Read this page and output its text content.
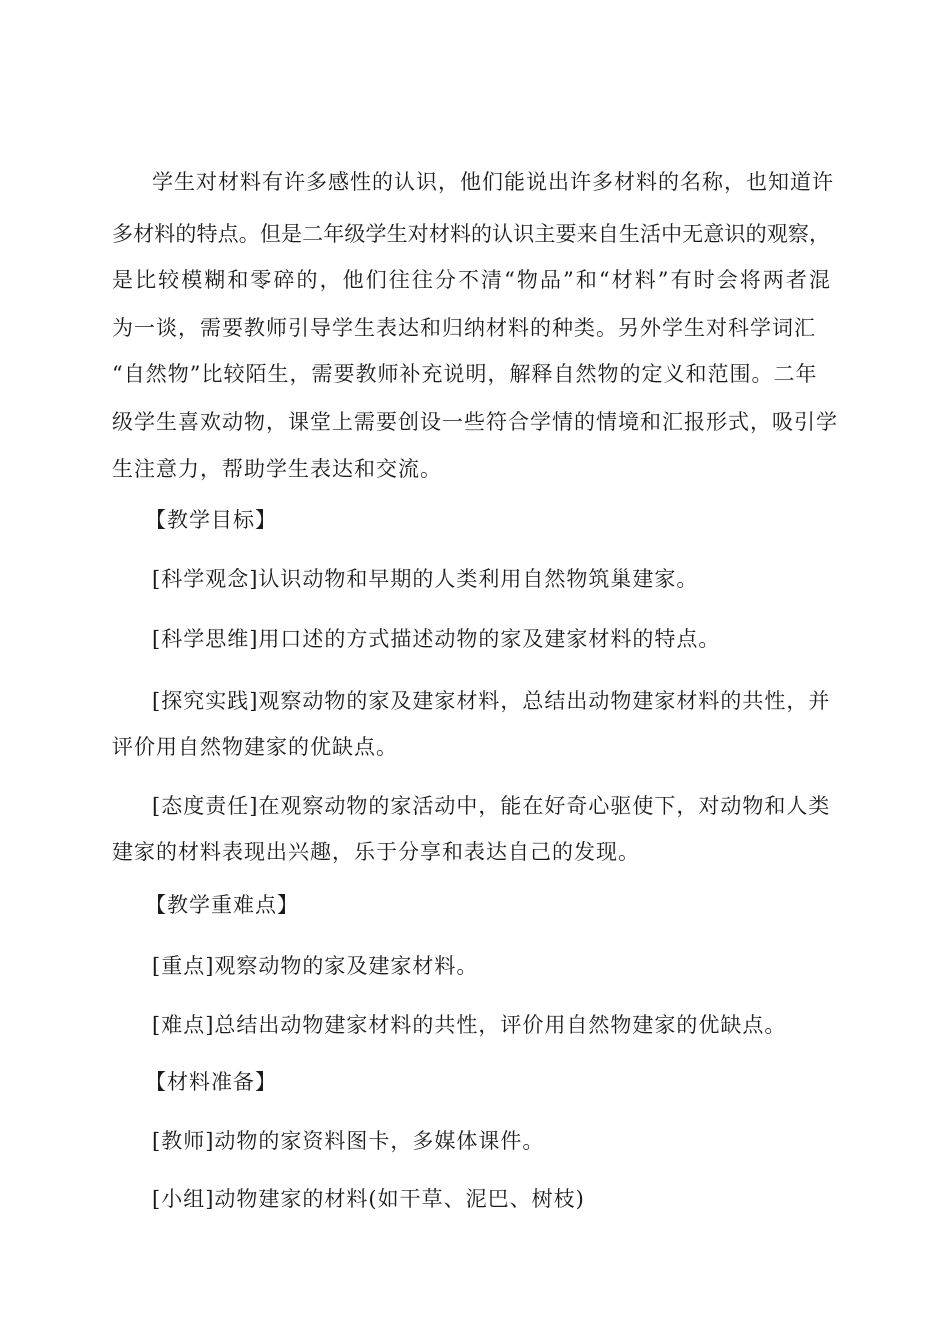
学生对材料有许多感性的认识，他们能说出许多材料的名称，也知道许
多材料的特点。但是二年级学生对材料的认识主要来自生活中无意识的观察，
是比较模糊和零碎的，他们往往分不清“物品”和“材料”有时会将两者混
为一谈，需要教师引导学生表达和归纳材料的种类。另外学生对科学词汇
“自然物”比较陌生，需要教师补充说明，解释自然物的定义和范围。二年
级学生喜欢动物，课堂上需要创设一些符合学情的情境和汇报形式，吸引学
生注意力，帮助学生表达和交流。
【教学目标】
[科学观念]认识动物和早期的人类利用自然物筑巢建家。
[科学思维]用口述的方式描述动物的家及建家材料的特点。
[探究实践]观察动物的家及建家材料，总结出动物建家材料的共性，并
评价用自然物建家的优缺点。
[态度责任]在观察动物的家活动中，能在好奇心驱使下，对动物和人类
建家的材料表现出兴趣，乐于分享和表达自己的发现。
【教学重难点】
[重点]观察动物的家及建家材料。
[难点]总结出动物建家材料的共性，评价用自然物建家的优缺点。
【材料准备】
[教师]动物的家资料图卡，多媒体课件。
[小组]动物建家的材料(如干草、泥巴、树枝)
